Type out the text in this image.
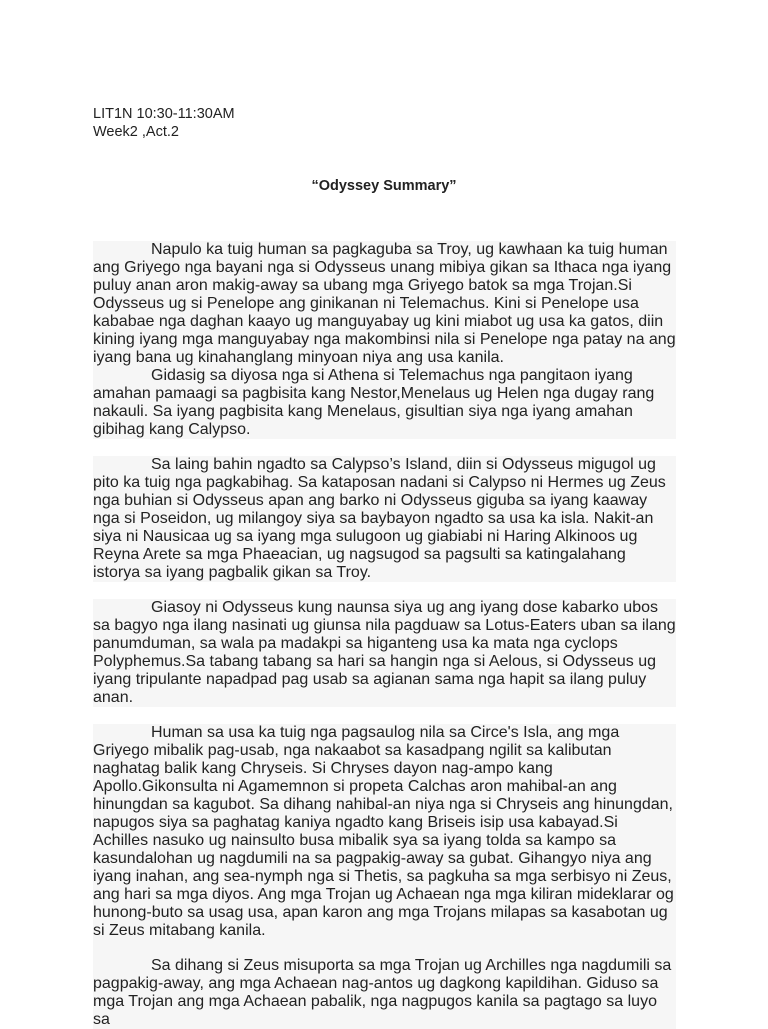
LIT1N 10:30-11:30AM
Week2 ,Act.2
“Odyssey Summary”
Napulo ka tuig human sa pagkaguba sa Troy, ug kawhaan ka tuig human ang Griyego nga bayani nga si Odysseus unang mibiya gikan sa Ithaca nga iyang puluy anan aron makig-away sa ubang mga Griyego batok sa mga Trojan.Si Odysseus ug si Penelope ang ginikanan ni Telemachus. Kini si Penelope usa kababae nga daghan kaayo ug manguyabay ug kini miabot ug usa ka gatos, diin kining iyang mga manguyabay nga makombinsi nila si Penelope nga patay na ang iyang bana ug kinahanglang minyoan niya ang usa kanila.
Gidasig sa diyosa nga si Athena si Telemachus nga pangitaon iyang amahan pamaagi sa pagbisita kang Nestor,Menelaus ug Helen nga dugay rang nakauli. Sa iyang pagbisita kang Menelaus, gisultian siya nga iyang amahan gibihag kang Calypso.
Sa laing bahin ngadto sa Calypso’s Island, diin si Odysseus migugol ug pito ka tuig nga pagkabihag. Sa kataposan nadani si Calypso ni Hermes ug Zeus nga buhian si Odysseus apan ang barko ni Odysseus giguba sa iyang kaaway nga si Poseidon, ug milangoy siya sa baybayon ngadto sa usa ka isla. Nakit-an siya ni Nausicaa ug sa iyang mga sulugoon ug giabiabi ni Haring Alkinoos ug Reyna Arete sa mga Phaeacian, ug nagsugod sa pagsulti sa katingalahang istorya sa iyang pagbalik gikan sa Troy.
Giasoy ni Odysseus kung naunsa siya ug ang iyang dose kabarko ubos sa bagyo nga ilang nasinati ug giunsa nila pagduaw sa Lotus-Eaters uban sa ilang panumduman, sa wala pa madakpi sa higanteng usa ka mata nga cyclops Polyphemus.Sa tabang tabang sa hari sa hangin nga si Aelous, si Odysseus ug iyang tripulante napadpad pag usab sa agianan sama nga hapit sa ilang puluy anan.
Human sa usa ka tuig nga pagsaulog nila sa Circe's Isla, ang mga Griyego mibalik pag-usab, nga nakaabot sa kasadpang ngilit sa kalibutan naghatag balik kang Chryseis. Si Chryses dayon nag-ampo kang Apollo.Gikonsulta ni Agamemnon si propeta Calchas aron mahibal-an ang hinungdan sa kagubot. Sa dihang nahibal-an niya nga si Chryseis ang hinungdan, napugos siya sa paghatag kaniya ngadto kang Briseis isip usa kabayad.Si Achilles nasuko ug nainsulto busa mibalik sya sa iyang tolda sa kampo sa kasundalohan ug nagdumili na sa pagpakig-away sa gubat. Gihangyo niya ang iyang inahan, ang sea-nymph nga si Thetis, sa pagkuha sa mga serbisyo ni Zeus, ang hari sa mga diyos. Ang mga Trojan ug Achaean nga mga kiliran mideklarar og hunong-buto sa usag usa, apan karon ang mga Trojans milapas sa kasabotan ug si Zeus mitabang kanila.
Sa dihang si Zeus misuporta sa mga Trojan ug Archilles nga nagdumili sa pagpakig-away, ang mga Achaean nag-antos ug dagkong kapildihan. Giduso sa mga Trojan ang mga Achaean pabalik, nga nagpugos kanila sa pagtago sa luyo sa
